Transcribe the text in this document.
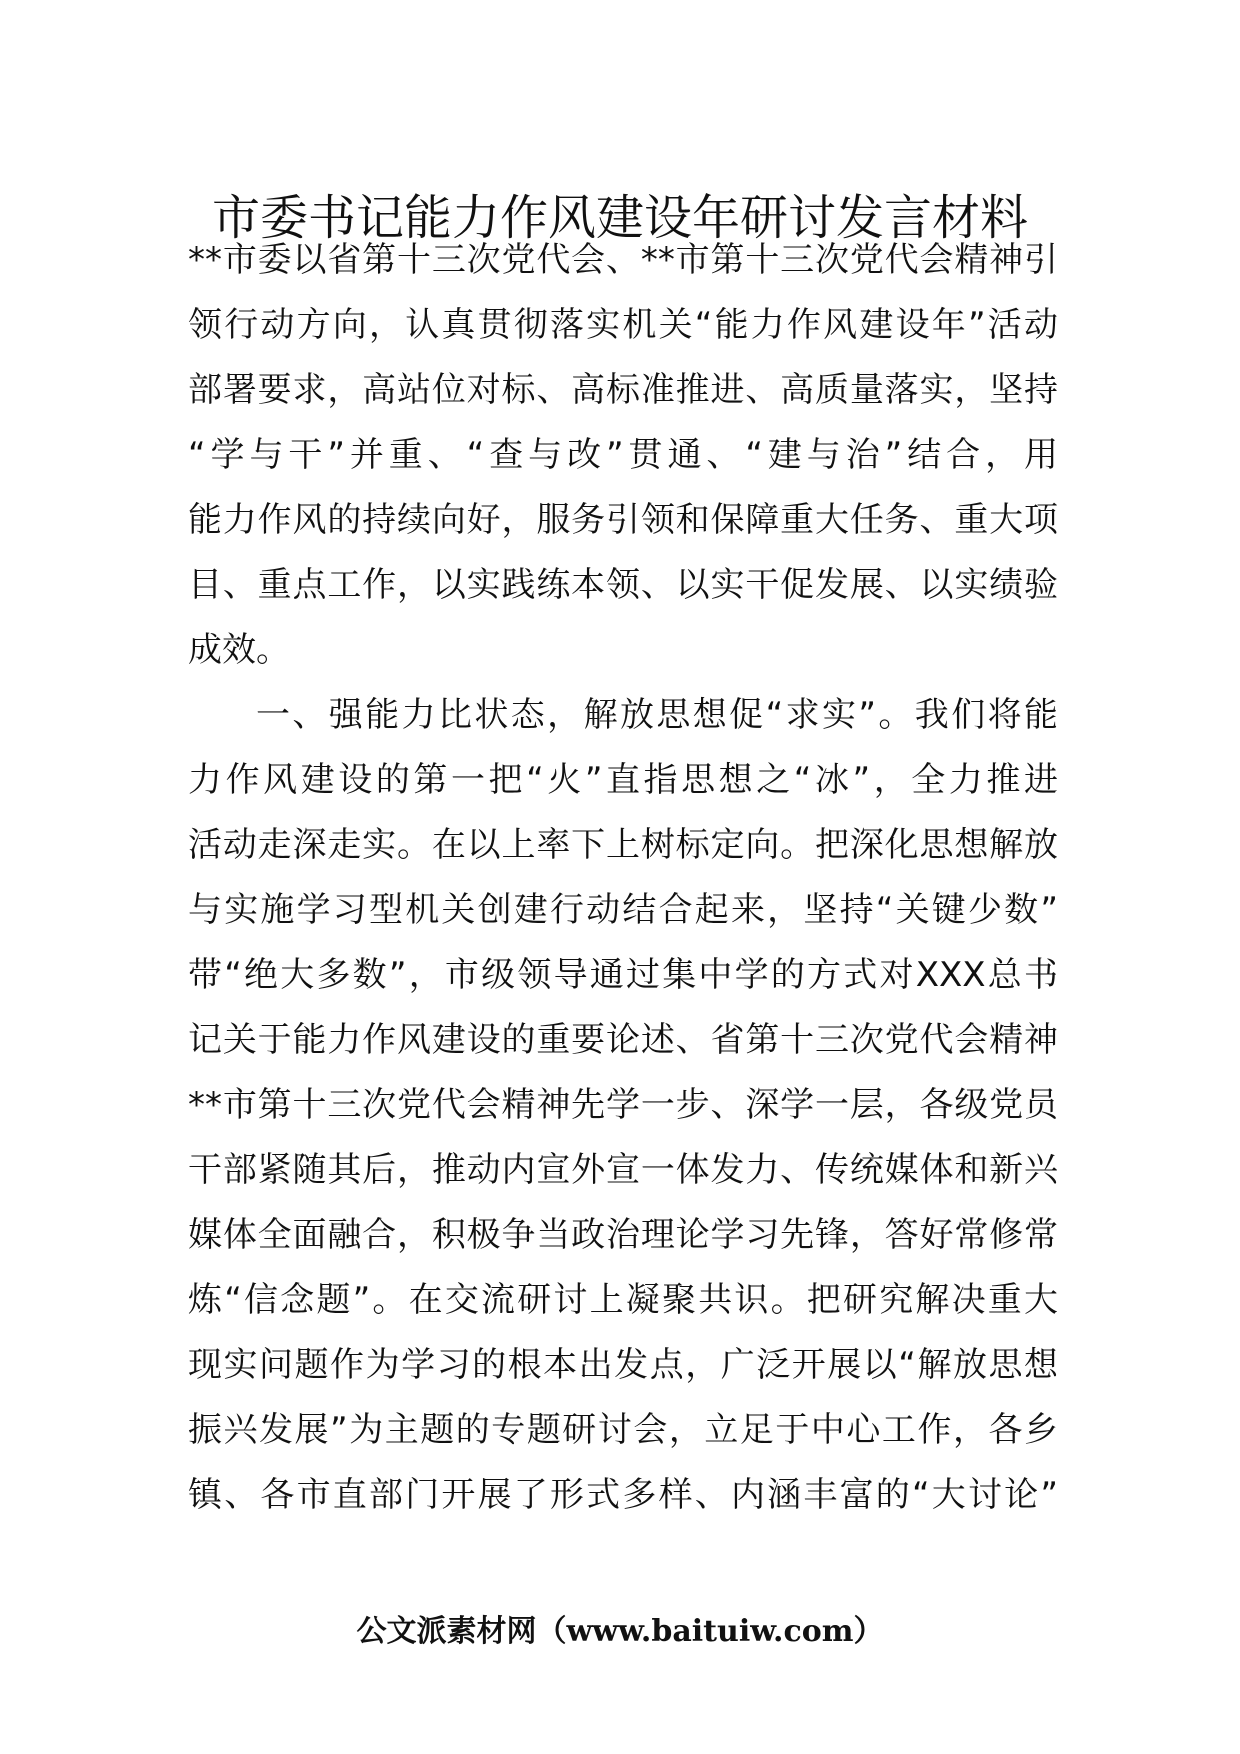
市委书记能力作风建设年研讨发言材料
**市委以省第十三次党代会、**市第十三次党代会精神引
领行动方向，认真贯彻落实机关“能力作风建设年”活动
部署要求，高站位对标、高标准推进、高质量落实，坚持
“学与干”并重、“查与改”贯通、“建与治”结合，用
能力作风的持续向好，服务引领和保障重大任务、重大项
目、重点工作，以实践练本领、以实干促发展、以实绩验
成效。
一、强能力比状态，解放思想促“求实”。我们将能
力作风建设的第一把“火”直指思想之“冰”，全力推进
活动走深走实。在以上率下上树标定向。把深化思想解放
与实施学习型机关创建行动结合起来，坚持“关键少数”
带“绝大多数”，市级领导通过集中学的方式对XXX总书
记关于能力作风建设的重要论述、省第十三次党代会精神
**市第十三次党代会精神先学一步、深学一层，各级党员
干部紧随其后，推动内宣外宣一体发力、传统媒体和新兴
媒体全面融合，积极争当政治理论学习先锋，答好常修常
炼“信念题”。在交流研讨上凝聚共识。把研究解决重大
现实问题作为学习的根本出发点，广泛开展以“解放思想
振兴发展”为主题的专题研讨会，立足于中心工作，各乡
镇、各市直部门开展了形式多样、内涵丰富的“大讨论”
公文派素材网（www.baituiw.com）
